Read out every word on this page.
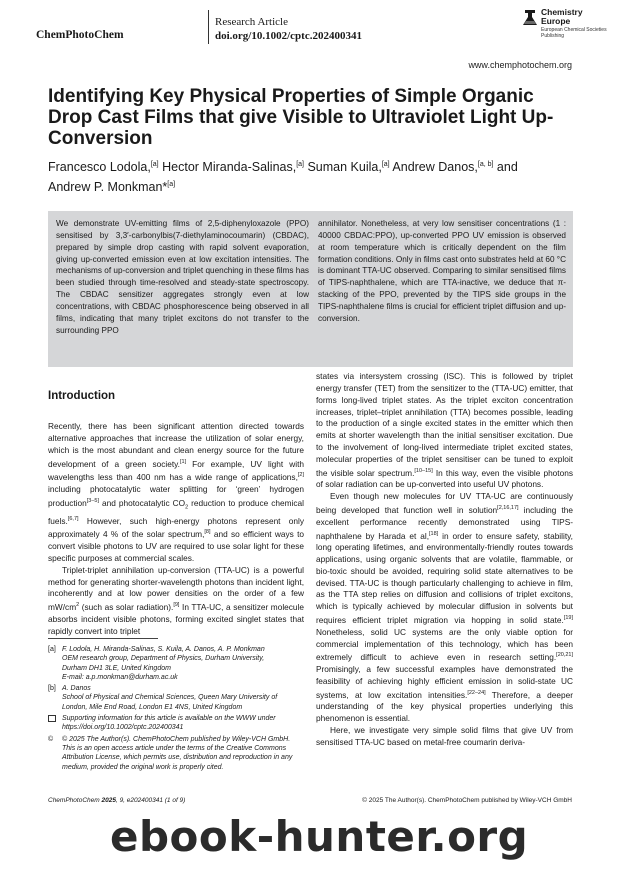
ChemPhotoChem
Research Article
doi.org/10.1002/cptc.202400341
Chemistry Europe
European Chemical Societies Publishing
www.chemphotochem.org
Identifying Key Physical Properties of Simple Organic Drop Cast Films that give Visible to Ultraviolet Light Up-Conversion
Francesco Lodola,[a] Hector Miranda-Salinas,[a] Suman Kuila,[a] Andrew Danos,[a, b] and
Andrew P. Monkman*[a]
We demonstrate UV-emitting films of 2,5-diphenyloxazole (PPO) sensitised by 3,3′-carbonylbis(7-diethylaminocoumarin) (CBDAC), prepared by simple drop casting with rapid solvent evaporation, giving up-converted emission even at low excitation intensities. The mechanisms of up-conversion and triplet quenching in these films has been studied through time-resolved and steady-state spectroscopy. The CBDAC sensitizer aggregates strongly even at low concentrations, with CBDAC phosphorescence being observed in all films, indicating that many triplet excitons do not transfer to the surrounding PPO
annihilator. Nonetheless, at very low sensitiser concentrations (1 : 40000 CBDAC:PPO), up-converted PPO UV emission is observed at room temperature which is critically dependent on the film formation conditions. Only in films cast onto substrates held at 60 °C is dominant TTA-UC observed. Comparing to similar sensitised films of TIPS-naphthalene, which are TTA-inactive, we deduce that π-stacking of the PPO, prevented by the TIPS side groups in the TIPS-naphthalene films is crucial for efficient triplet diffusion and up-conversion.
Introduction

Recently, there has been significant attention directed towards alternative approaches that increase the utilization of solar energy, which is the most abundant and clean energy source for the future development of a green society.[1] For example, UV light with wavelengths less than 400 nm has a wide range of applications,[2] including photocatalytic water splitting for ‘green’ hydrogen production[3–5] and photocatalytic $CO_2$ reduction to produce chemical fuels.[6,7] However, such high-energy photons represent only approximately 4 % of the solar spectrum,[8] and so efficient ways to convert visible photons to UV are required to use solar light for these specific purposes at commercial scales.

Triplet-triplet annihilation up-conversion (TTA-UC) is a powerful method for generating shorter-wavelength photons than incident light, incoherently and at low power densities on the order of a few $mW/cm^2$ (such as solar radiation).[9] In TTA-UC, a sensitizer molecule absorbs incident visible photons, forming excited singlet states that rapidly convert into triplet

states via intersystem crossing (ISC). This is followed by triplet energy transfer (TET) from the sensitizer to the (TTA-UC) emitter, that forms long-lived triplet states. As the triplet exciton concentration increases, triplet–triplet annihilation (TTA) becomes possible, leading to the production of a single excited states in the emitter which then emits at shorter wavelength than the initial sensitiser excitation. Due to the involvement of long-lived intermediate triplet excited states, molecular properties of the triplet sensitiser can be tuned to exploit the visible solar spectrum.[10–15] In this way, even the visible photons of solar radiation can be up-converted into useful UV photons.

Even though new molecules for UV TTA-UC are continuously being developed that function well in solution[2,16,17] including the excellent performance recently demonstrated using TIPS-naphthalene by Harada et al,[18] in order to ensure safety, stability, long operating lifetimes, and environmentally-friendly routes towards applications, using organic solvents that are volatile, flammable, or bio-toxic should be avoided, requiring solid state alternatives to be devised. TTA-UC is though particularly challenging to achieve in film, as the TTA step relies on diffusion and collisions of triplet excitons, which is typically achieved by molecular diffusion in solvents but requires efficient triplet migration via hopping in solid state.[19] Nonetheless, solid UC systems are the only viable option for commercial implementation of this technology, which has been extremely difficult to achieve even in research setting.[20,21] Promisingly, a few successful examples have demonstrated the feasibility of achieving highly efficient emission in solid-state UC systems, at low excitation intensities.[22–24] Therefore, a deeper understanding of the key physical properties underlying this phenomenon is essential.

Here, we investigate very simple solid films that give UV from sensitised TTA-UC based on metal-free coumarin deriva-

[a] F. Lodola, H. Miranda-Salinas, S. Kuila, A. Danos, A. P. Monkman
OEM research group, Department of Physics, Durham University,
Durham DH1 3LE, United Kingdom
E-mail: a.p.monkman@durham.ac.uk
[b] A. Danos
School of Physical and Chemical Sciences, Queen Mary University of
London, Mile End Road, London E1 4NS, United Kingdom
Supporting information for this article is available on the WWW under https://doi.org/10.1002/cptc.202400341
©	© 2025 The Author(s). ChemPhotoChem published by Wiley-VCH GmbH. This is an open access article under the terms of the Creative Commons Attribution License, which permits use, distribution and reproduction in any medium, provided the original work is properly cited.
ChemPhotoChem 2025, 9, e202400341 (1 of 9)	© 2025 The Author(s). ChemPhotoChem published by Wiley-VCH GmbH
ebook-hunter.org
